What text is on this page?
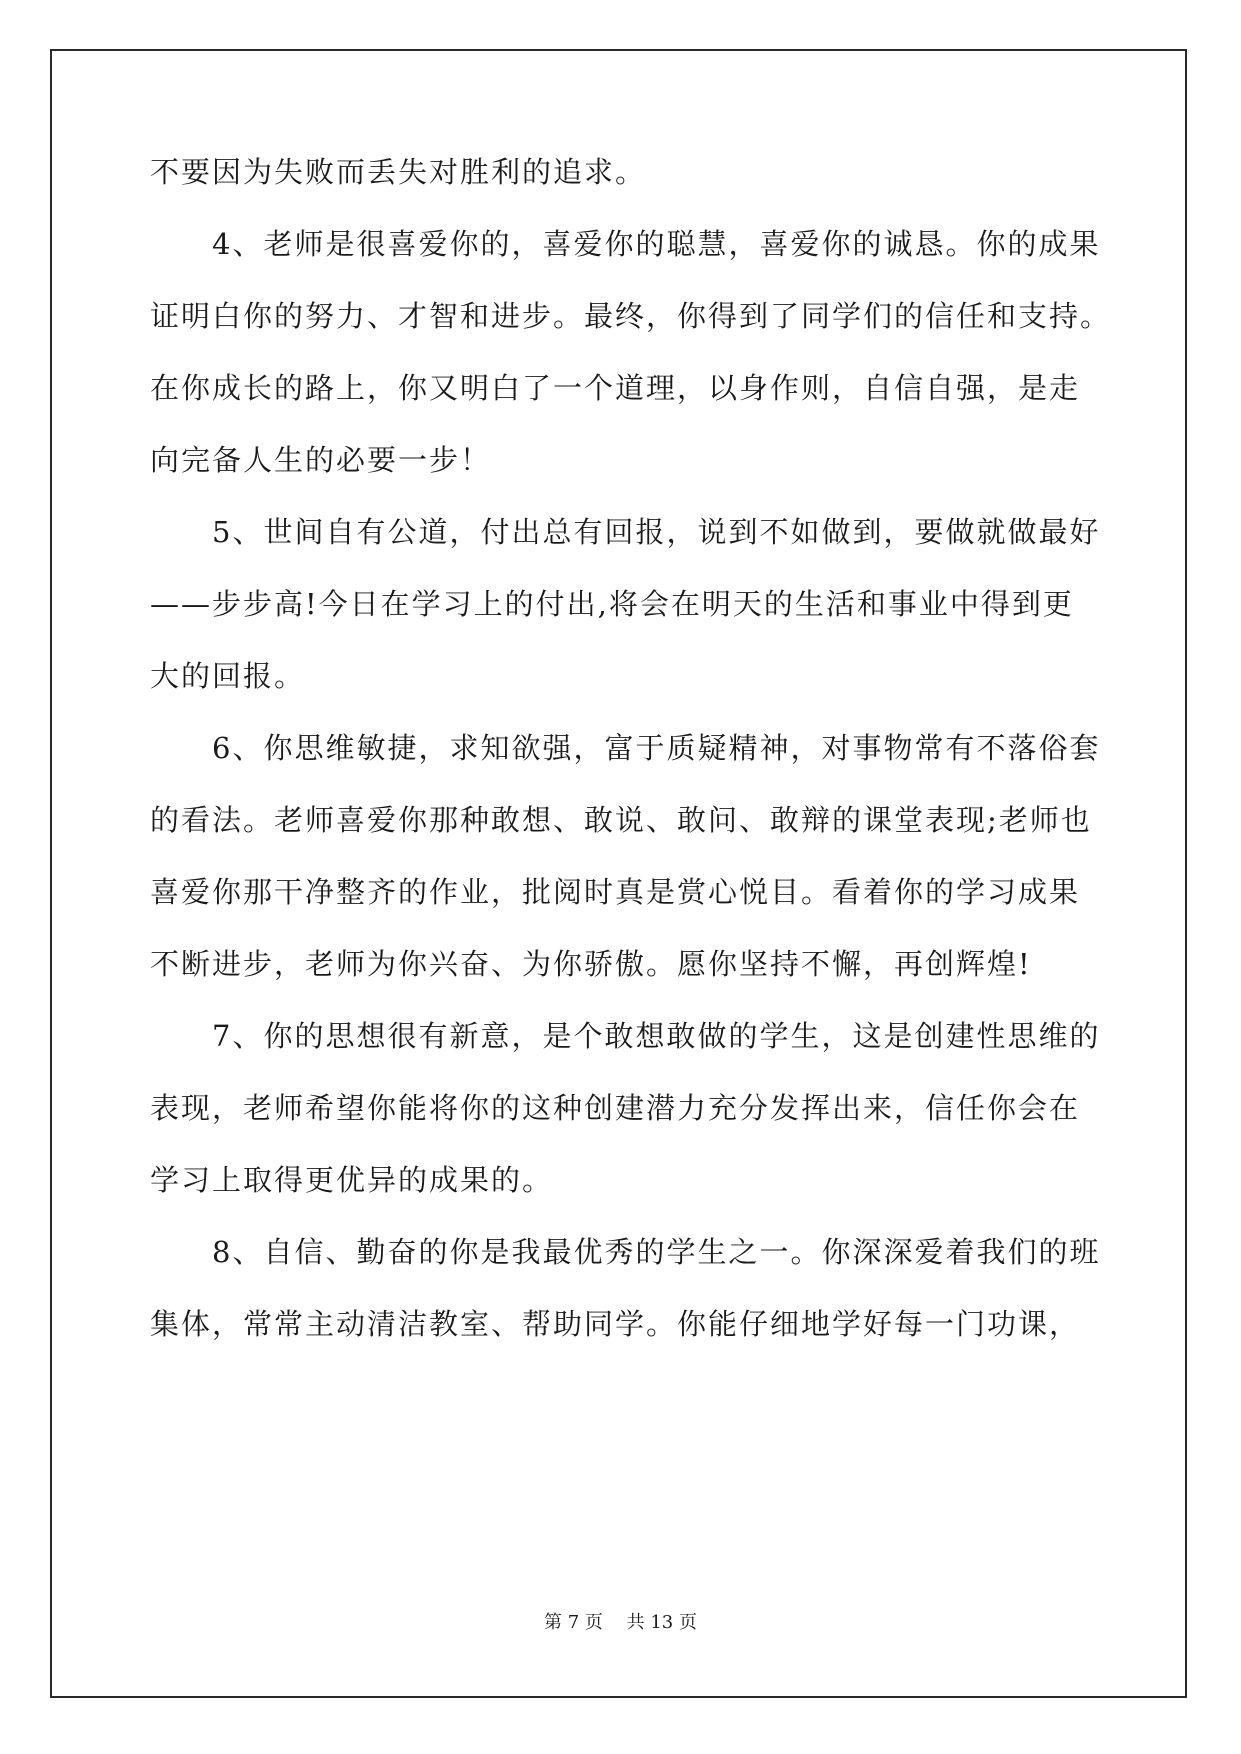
不要因为失败而丢失对胜利的追求。
　　4、老师是很喜爱你的，喜爱你的聪慧，喜爱你的诚恳。你的成果
证明白你的努力、才智和进步。最终，你得到了同学们的信任和支持。
在你成长的路上，你又明白了一个道理，以身作则，自信自强，是走
向完备人生的必要一步！
　　5、世间自有公道，付出总有回报，说到不如做到，要做就做最好
——步步高!今日在学习上的付出,将会在明天的生活和事业中得到更
大的回报。
　　6、你思维敏捷，求知欲强，富于质疑精神，对事物常有不落俗套
的看法。老师喜爱你那种敢想、敢说、敢问、敢辩的课堂表现;老师也
喜爱你那干净整齐的作业，批阅时真是赏心悦目。看着你的学习成果
不断进步，老师为你兴奋、为你骄傲。愿你坚持不懈，再创辉煌!
　　7、你的思想很有新意，是个敢想敢做的学生，这是创建性思维的
表现，老师希望你能将你的这种创建潜力充分发挥出来，信任你会在
学习上取得更优异的成果的。
　　8、自信、勤奋的你是我最优秀的学生之一。你深深爱着我们的班
集体，常常主动清洁教室、帮助同学。你能仔细地学好每一门功课，
第 7 页　 共 13 页
